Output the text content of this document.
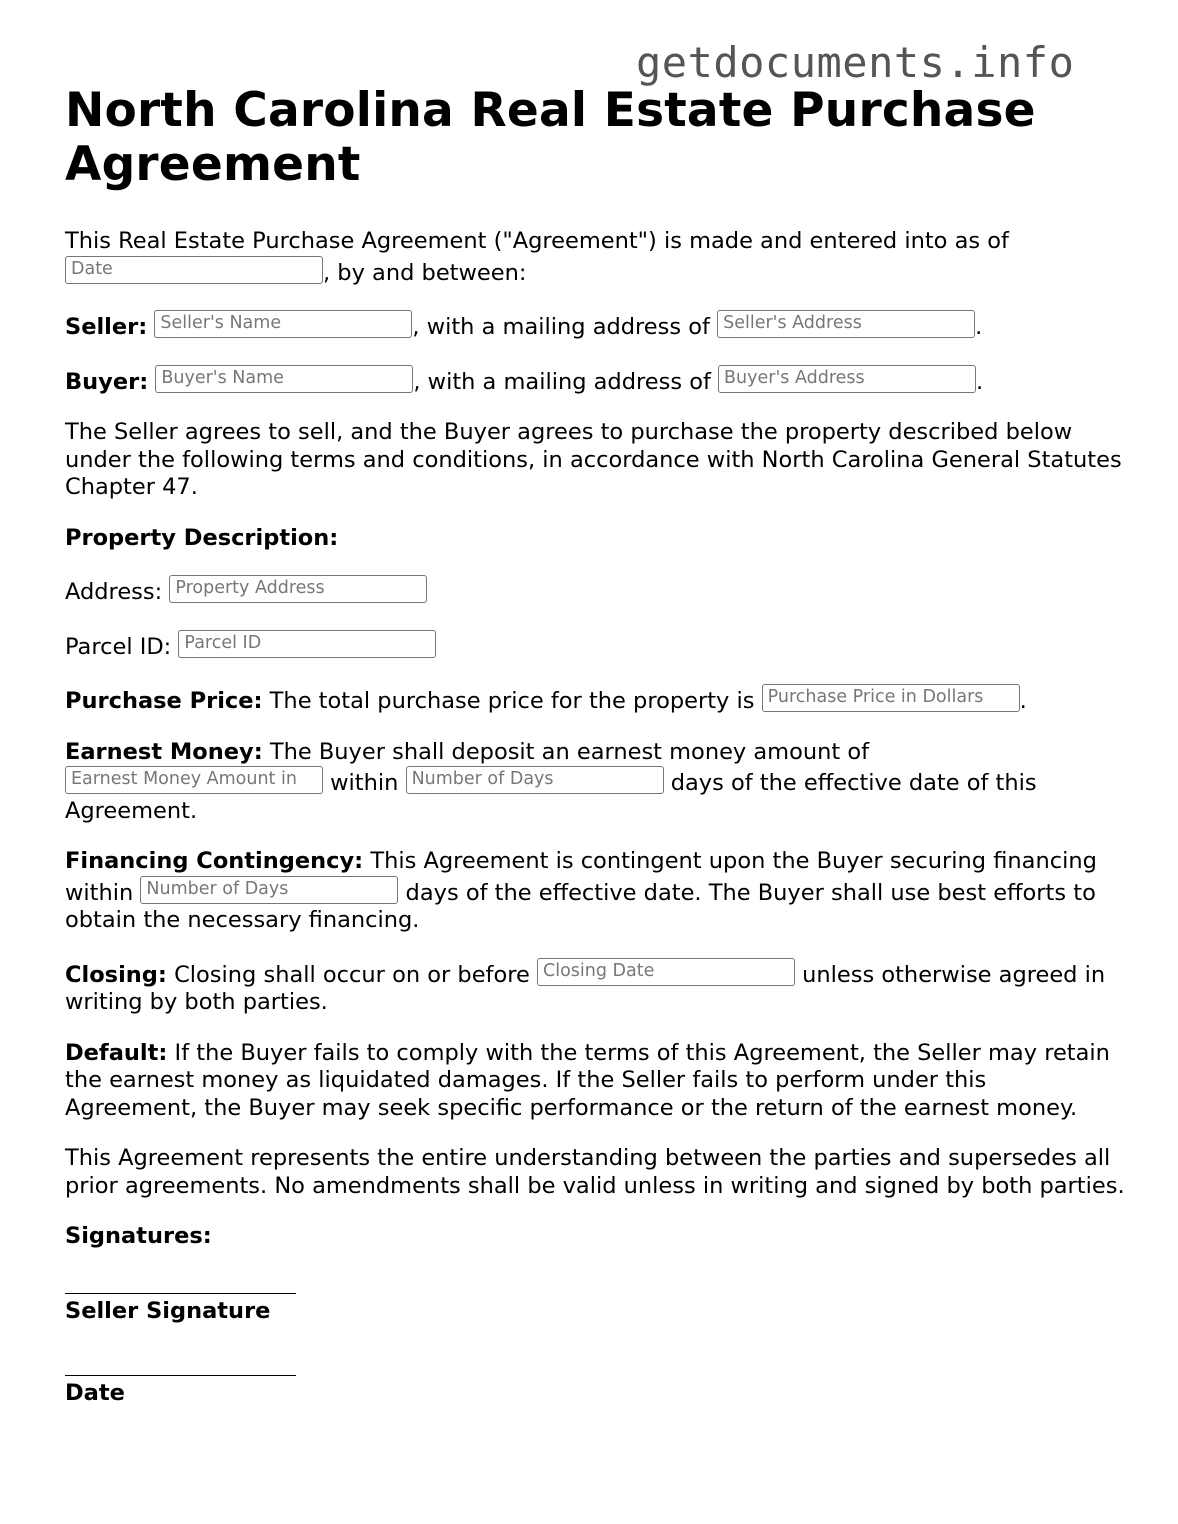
getdocuments.info
North Carolina Real Estate Purchase Agreement

This Real Estate Purchase Agreement ("Agreement") is made and entered into as of Date	, by and between:

Seller: Seller's Name	, with a mailing address of Seller's Address	.

Buyer: Buyer's Name	, with a mailing address of Buyer's Address	.

The Seller agrees to sell, and the Buyer agrees to purchase the property described below under the following terms and conditions, in accordance with North Carolina General Statutes Chapter 47.

Property Description:

Address: Property Address

Parcel ID: Parcel ID

Purchase Price: The total purchase price for the property is Purchase Price in Dollars .

Earnest Money: The Buyer shall deposit an earnest money amount of Earnest Money Amount in within Number of Days	days of the effective date of this Agreement.

Financing Contingency: This Agreement is contingent upon the Buyer securing financing within Number of Days	days of the effective date. The Buyer shall use best efforts to obtain the necessary financing.

Closing: Closing shall occur on or before Closing Date	unless otherwise agreed in writing by both parties.

Default: If the Buyer fails to comply with the terms of this Agreement, the Seller may retain the earnest money as liquidated damages. If the Seller fails to perform under this Agreement, the Buyer may seek specific performance or the return of the earnest money.

This Agreement represents the entire understanding between the parties and supersedes all prior agreements. No amendments shall be valid unless in writing and signed by both parties.

Signatures:

Seller Signature
Date
